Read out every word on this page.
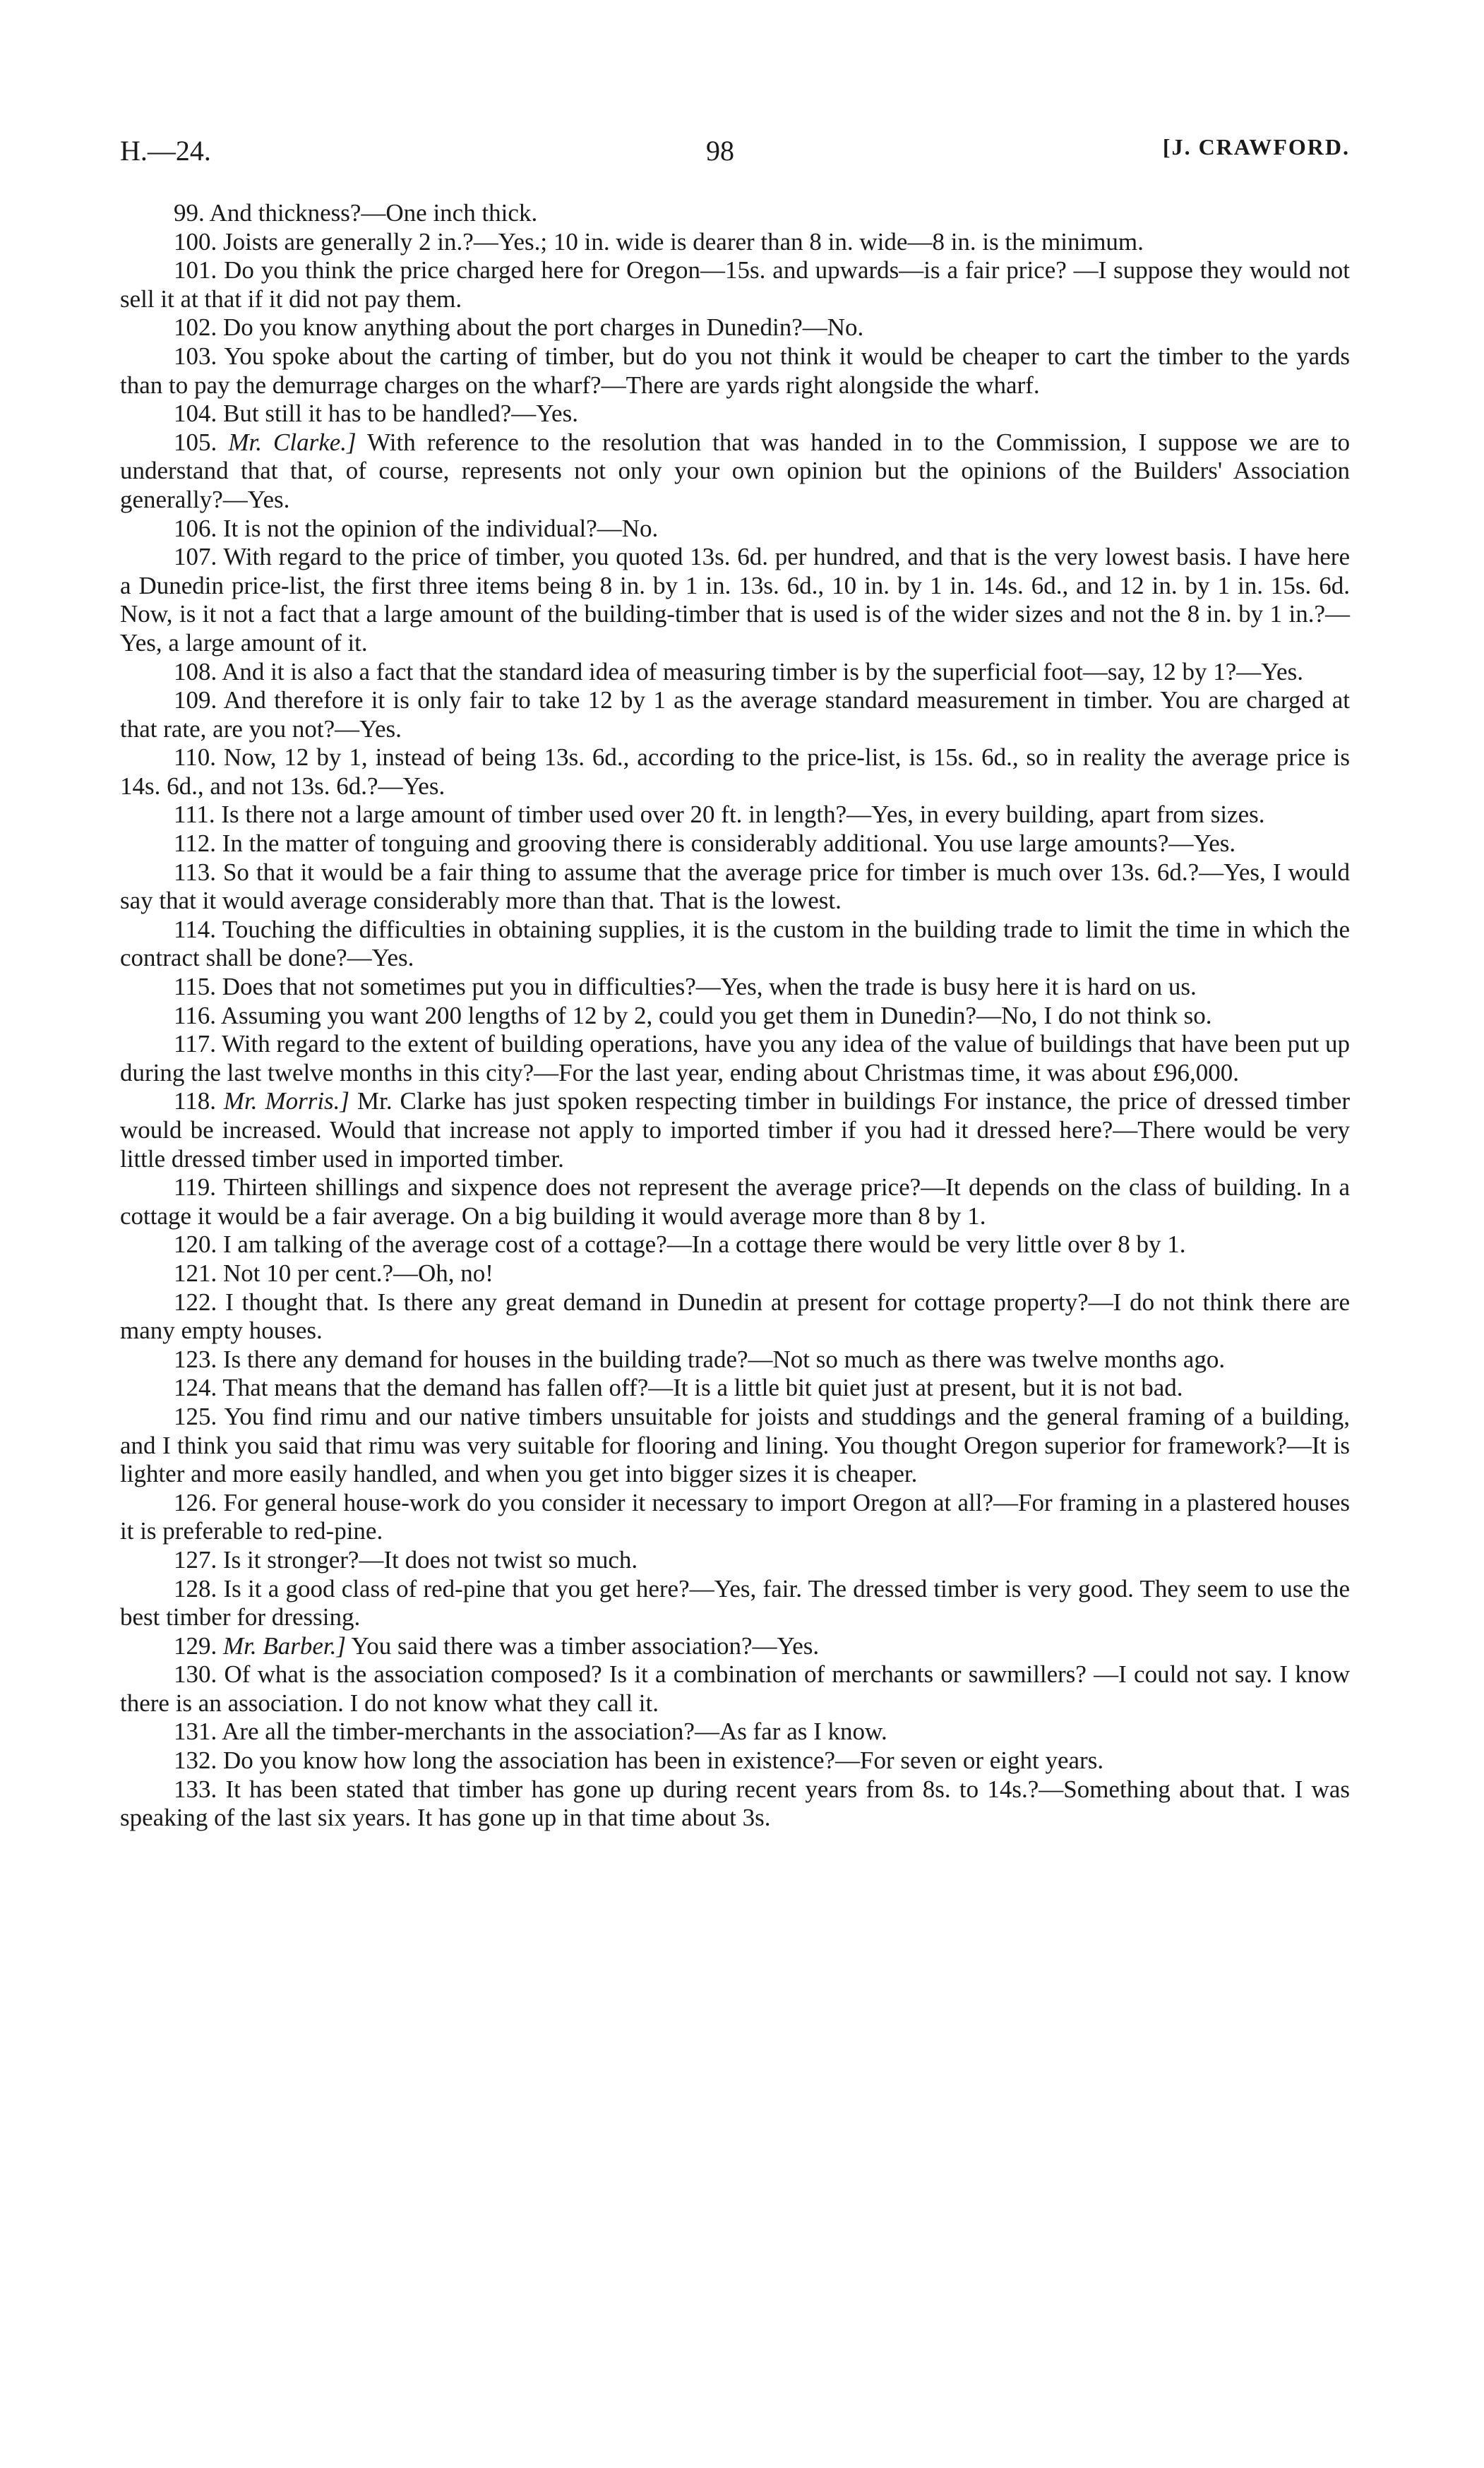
H.—24.	98	[J. CRAWFORD.

99. And thickness?—One inch thick.

100. Joists are generally 2 in.?—Yes.; 10 in. wide is dearer than 8 in. wide—8 in. is the minimum.

101. Do you think the price charged here for Oregon—15s. and upwards—is a fair price? —I suppose they would not sell it at that if it did not pay them.

102. Do you know anything about the port charges in Dunedin?—No.

103. You spoke about the carting of timber, but do you not think it would be cheaper to cart the timber to the yards than to pay the demurrage charges on the wharf?—There are yards right alongside the wharf.

104. But still it has to be handled?—Yes.

105. Mr. Clarke.] With reference to the resolution that was handed in to the Commission, I suppose we are to understand that that, of course, represents not only your own opinion but the opinions of the Builders' Association generally?—Yes.

106. It is not the opinion of the individual?—No.

107. With regard to the price of timber, you quoted 13s. 6d. per hundred, and that is the very lowest basis. I have here a Dunedin price-list, the first three items being 8 in. by 1 in. 13s. 6d., 10 in. by 1 in. 14s. 6d., and 12 in. by 1 in. 15s. 6d. Now, is it not a fact that a large amount of the building-timber that is used is of the wider sizes and not the 8 in. by 1 in.?—Yes, a large amount of it.

108. And it is also a fact that the standard idea of measuring timber is by the superficial foot—say, 12 by 1?—Yes.

109. And therefore it is only fair to take 12 by 1 as the average standard measurement in timber. You are charged at that rate, are you not?—Yes.

110. Now, 12 by 1, instead of being 13s. 6d., according to the price-list, is 15s. 6d., so in reality the average price is 14s. 6d., and not 13s. 6d.?—Yes.

111. Is there not a large amount of timber used over 20 ft. in length?—Yes, in every building, apart from sizes.

112. In the matter of tonguing and grooving there is considerably additional. You use large amounts?—Yes.

113. So that it would be a fair thing to assume that the average price for timber is much over 13s. 6d.?—Yes, I would say that it would average considerably more than that. That is the lowest.

114. Touching the difficulties in obtaining supplies, it is the custom in the building trade to limit the time in which the contract shall be done?—Yes.

115. Does that not sometimes put you in difficulties?—Yes, when the trade is busy here it is hard on us.

116. Assuming you want 200 lengths of 12 by 2, could you get them in Dunedin?—No, I do not think so.

117. With regard to the extent of building operations, have you any idea of the value of buildings that have been put up during the last twelve months in this city?—For the last year, ending about Christmas time, it was about £96,000.

118. Mr. Morris.] Mr. Clarke has just spoken respecting timber in buildings For instance, the price of dressed timber would be increased. Would that increase not apply to imported timber if you had it dressed here?—There would be very little dressed timber used in imported timber.

119. Thirteen shillings and sixpence does not represent the average price?—It depends on the class of building. In a cottage it would be a fair average. On a big building it would average more than 8 by 1.

120. I am talking of the average cost of a cottage?—In a cottage there would be very little over 8 by 1.

121. Not 10 per cent.?—Oh, no!

122. I thought that. Is there any great demand in Dunedin at present for cottage property?—I do not think there are many empty houses.

123. Is there any demand for houses in the building trade?—Not so much as there was twelve months ago.

124. That means that the demand has fallen off?—It is a little bit quiet just at present, but it is not bad.

125. You find rimu and our native timbers unsuitable for joists and studdings and the general framing of a building, and I think you said that rimu was very suitable for flooring and lining. You thought Oregon superior for framework?—It is lighter and more easily handled, and when you get into bigger sizes it is cheaper.

126. For general house-work do you consider it necessary to import Oregon at all?—For framing in a plastered houses it is preferable to red-pine.

127. Is it stronger?—It does not twist so much.

128. Is it a good class of red-pine that you get here?—Yes, fair. The dressed timber is very good. They seem to use the best timber for dressing.

129. Mr. Barber.] You said there was a timber association?—Yes.

130. Of what is the association composed? Is it a combination of merchants or sawmillers? —I could not say. I know there is an association. I do not know what they call it.

131. Are all the timber-merchants in the association?—As far as I know.

132. Do you know how long the association has been in existence?—For seven or eight years.

133. It has been stated that timber has gone up during recent years from 8s. to 14s.?—Something about that. I was speaking of the last six years. It has gone up in that time about 3s.
